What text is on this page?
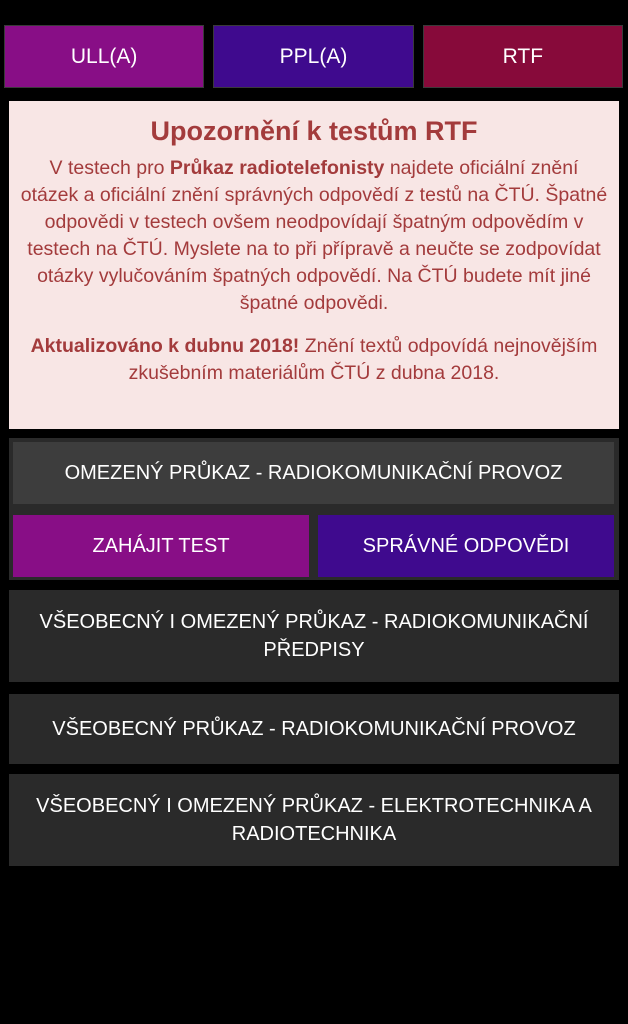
ULL(A)	PPL(A)	RTF
Upozornění k testům RTF

V testech pro Průkaz radiotelefonisty najdete oficiální znění otázek a oficiální znění správných odpovědí z testů na ČTÚ. Špatné odpovědi v testech ovšem neodpovídají špatným odpovědím v testech na ČTÚ. Myslete na to při přípravě a neučte se zodpovídat otázky vylučováním špatných odpovědí. Na ČTÚ budete mít jiné špatné odpovědi.

Aktualizováno k dubnu 2018! Znění textů odpovídá nejnovějším zkušebním materiálům ČTÚ z dubna 2018.

OMEZENÝ PRŮKAZ - RADIOKOMUNIKAČNÍ PROVOZ
ZAHÁJIT TEST	SPRÁVNÉ ODPOVĚDI
VŠEOBECNÝ I OMEZENÝ PRŮKAZ - RADIOKOMUNIKAČNÍ PŘEDPISY
VŠEOBECNÝ PRŮKAZ - RADIOKOMUNIKAČNÍ PROVOZ
VŠEOBECNÝ I OMEZENÝ PRŮKAZ - ELEKTROTECHNIKA A RADIOTECHNIKA
